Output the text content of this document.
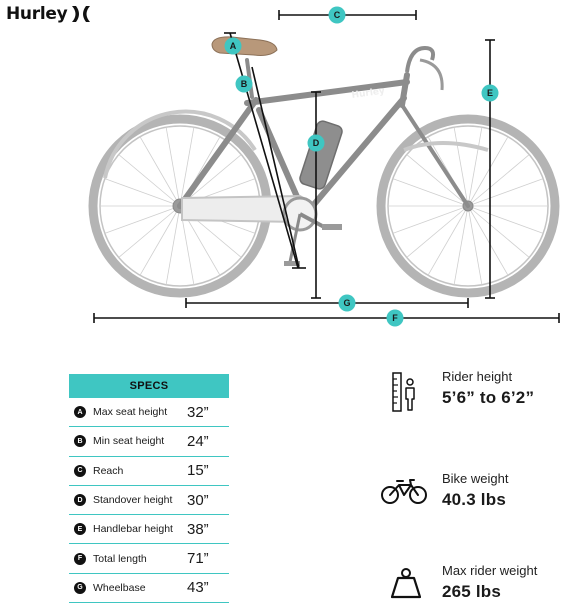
Hurley
Hurley
A
B
C
D
E
G
F
SPECS
A Max seat height	32”
B Min seat height	24”
C Reach	15”
D Standover height 30”
E	Handlebar height 38”
F	Total length	71”
G Wheelbase	43”
Rider height
5’6” to 6’2”
Bike weight
40.3 lbs
Max rider weight
265 lbs
